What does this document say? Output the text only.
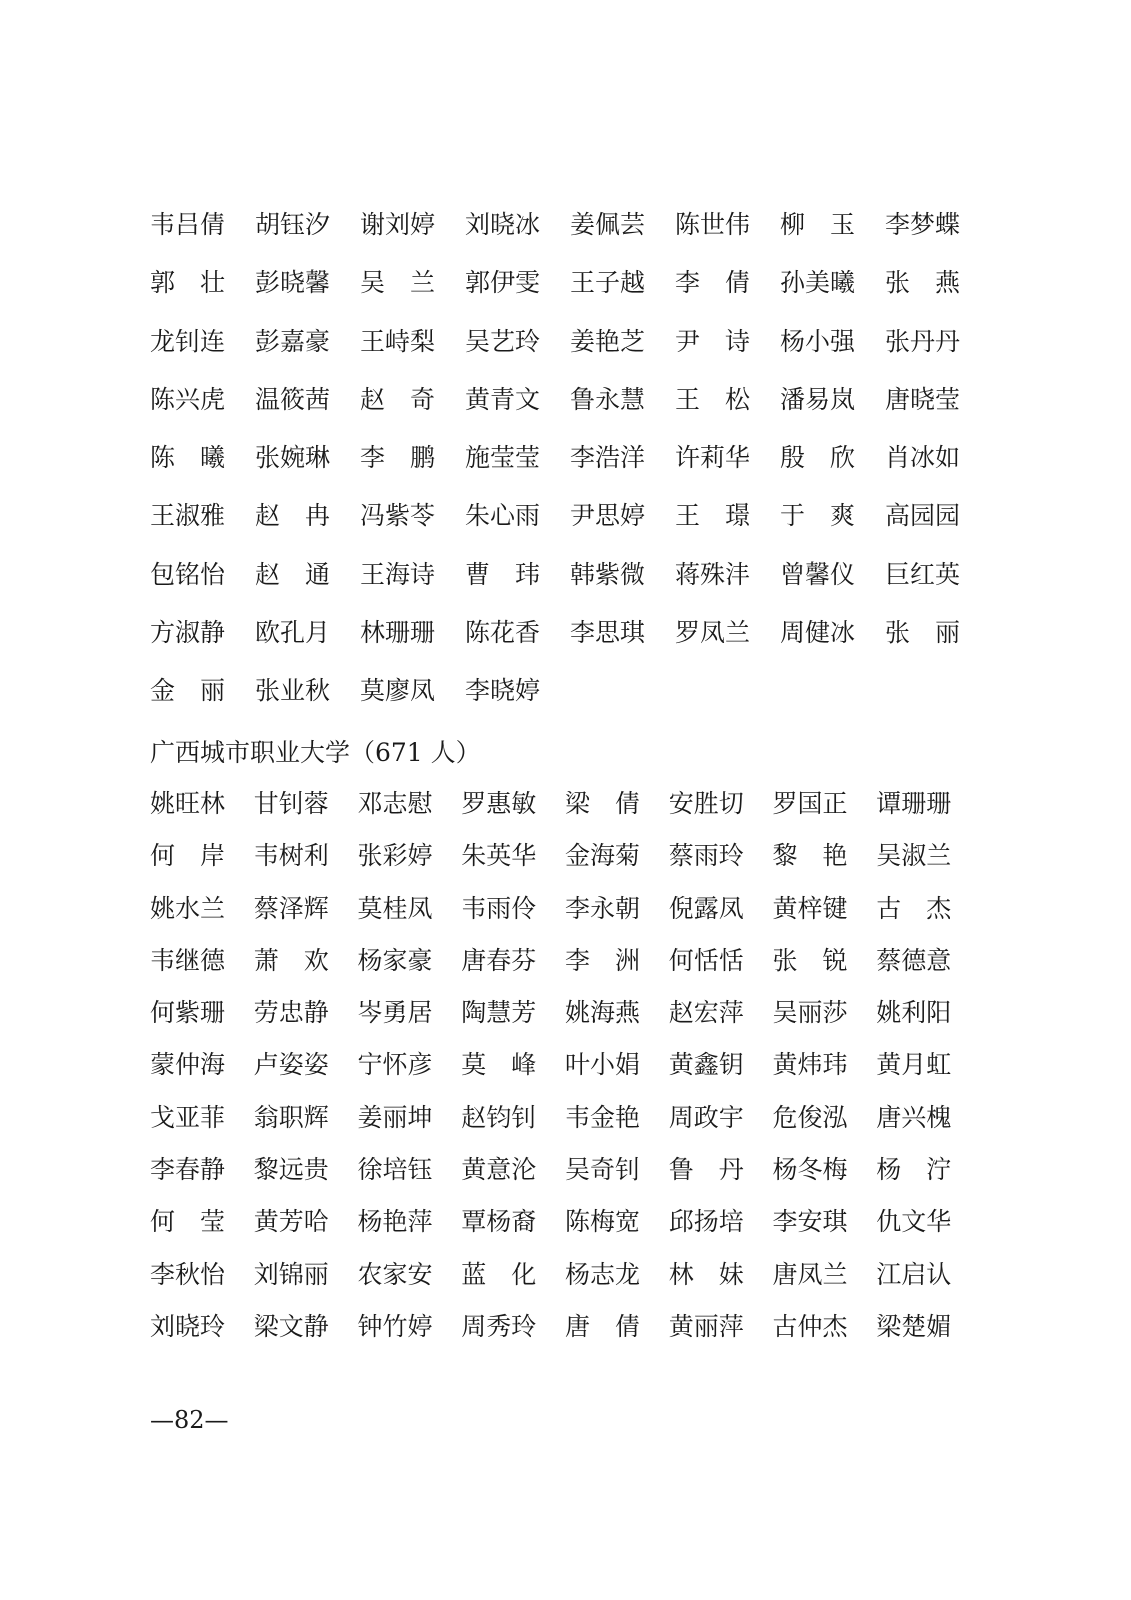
韦吕倩	胡钰汐	谢刘婷	刘晓冰	姜佩芸	陈世伟	柳　玉	李梦蝶
郭　壮	彭晓馨	吴　兰	郭伊雯	王子越	李　倩	孙美曦	张　燕
龙钊连	彭嘉豪	王峙梨	吴艺玲	姜艳芝	尹　诗	杨小强	张丹丹
陈兴虎	温筱茜	赵　奇	黄青文	鲁永慧	王　松	潘易岚	唐晓莹
陈　曦	张婉琳	李　鹏	施莹莹	李浩洋	许莉华	殷　欣	肖冰如
王淑雅	赵　冉	冯紫苓	朱心雨	尹思婷	王　璟	于　爽	高园园
包铭怡	赵　通	王海诗	曹　玮	韩紫微	蒋殊沣	曾馨仪	巨红英
方淑静	欧孔月	林珊珊	陈花香	李思琪	罗凤兰	周健冰	张　丽
金　丽	张业秋	莫廖凤	李晓婷
广西城市职业大学（671 人）
姚旺林	甘钊蓉	邓志慰	罗惠敏	梁　倩	安胜切	罗国正	谭珊珊
何　岸	韦树利	张彩婷	朱英华	金海菊	蔡雨玲	黎　艳	吴淑兰
姚水兰	蔡泽辉	莫桂凤	韦雨伶	李永朝	倪露凤	黄梓键	古　杰
韦继德	萧　欢	杨家豪	唐春芬	李　洲	何恬恬	张　锐	蔡德意
何紫珊	劳忠静	岑勇居	陶慧芳	姚海燕	赵宏萍	吴丽莎	姚利阳
蒙仲海	卢姿姿	宁怀彦	莫　峰	叶小娟	黄鑫钥	黄炜玮	黄月虹
戈亚菲	翁职辉	姜丽坤	赵钧钊	韦金艳	周政宇	危俊泓	唐兴槐
李春静	黎远贵	徐培钰	黄意沦	吴奇钊	鲁　丹	杨冬梅	杨　泞
何　莹	黄芳哈	杨艳萍	覃杨裔	陈梅宽	邱扬培	李安琪	仇文华
李秋怡	刘锦丽	农家安	蓝　化	杨志龙	林　妹	唐凤兰	江启认
刘晓玲	梁文静	钟竹婷	周秀玲	唐　倩	黄丽萍	古仲杰	梁楚媚
—82—
